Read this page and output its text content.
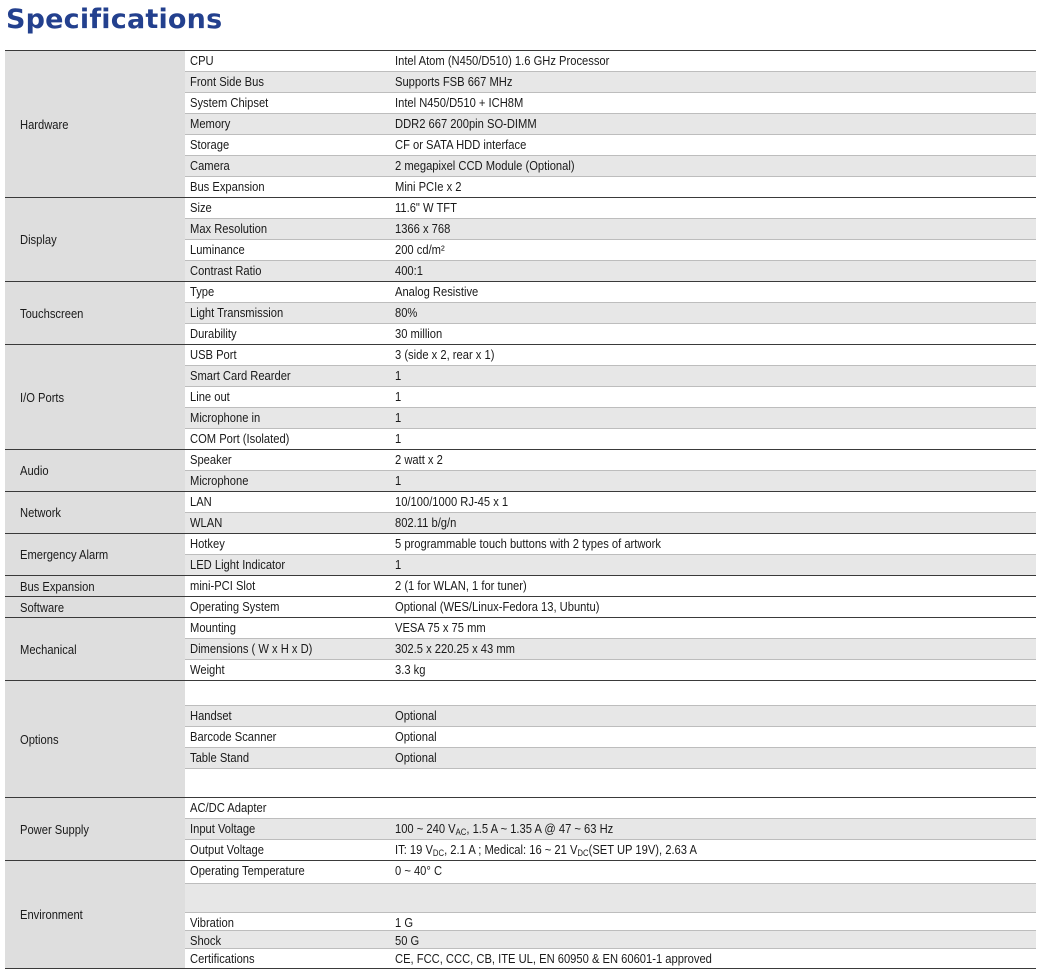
Specifications
Hardware
CPU	Intel Atom (N450/D510) 1.6 GHz Processor
Front Side Bus	Supports FSB 667 MHz
System Chipset	Intel N450/D510 + ICH8M
Memory	DDR2 667 200pin SO-DIMM
Storage	CF or SATA HDD interface
Camera	2 megapixel CCD Module (Optional)
Bus Expansion	Mini PCIe x 2
Display
Size	11.6" W TFT
Max Resolution	1366 x 768
Luminance	200 cd/m²
Contrast Ratio	400:1
Touchscreen
Type	Analog Resistive
Light Transmission	80%
Durability	30 million
I/O Ports
USB Port	3 (side x 2, rear x 1)
Smart Card Rearder	1
Line out	1
Microphone in	1
COM Port (Isolated)	1
Audio
Speaker	2 watt x 2
Microphone	1
Network
LAN	10/100/1000 RJ-45 x 1
WLAN	802.11 b/g/n
Emergency Alarm
Hotkey	5 programmable touch buttons with 2 types of artwork
LED Light Indicator	1
Bus Expansion	mini-PCI Slot	2 (1 for WLAN, 1 for tuner)
Software	Operating System	Optional (WES/Linux-Fedora 13, Ubuntu)
Mechanical
Mounting	VESA 75 x 75 mm
Dimensions ( W x H x D)	302.5 x 220.25 x 43 mm
Weight	3.3 kg
Options
Handset	Optional
Barcode Scanner	Optional
Table Stand	Optional
Power Supply
AC/DC Adapter
Input Voltage	100 ~ 240 $V_{AC}$, 1.5 A ~ 1.35 A @ 47 ~ 63 Hz
Output Voltage	IT: 19 $V_{DC}$, 2.1 A ; Medical: 16 ~ 21 $V_{DC}(SET$ UP 19V), 2.63 A
Environment
Operating Temperature	0 ~ 40° C
Vibration	1 G
Shock	50 G
Certifications	CE, FCC, CCC, CB, ITE UL, EN 60950 & EN 60601-1 approved
